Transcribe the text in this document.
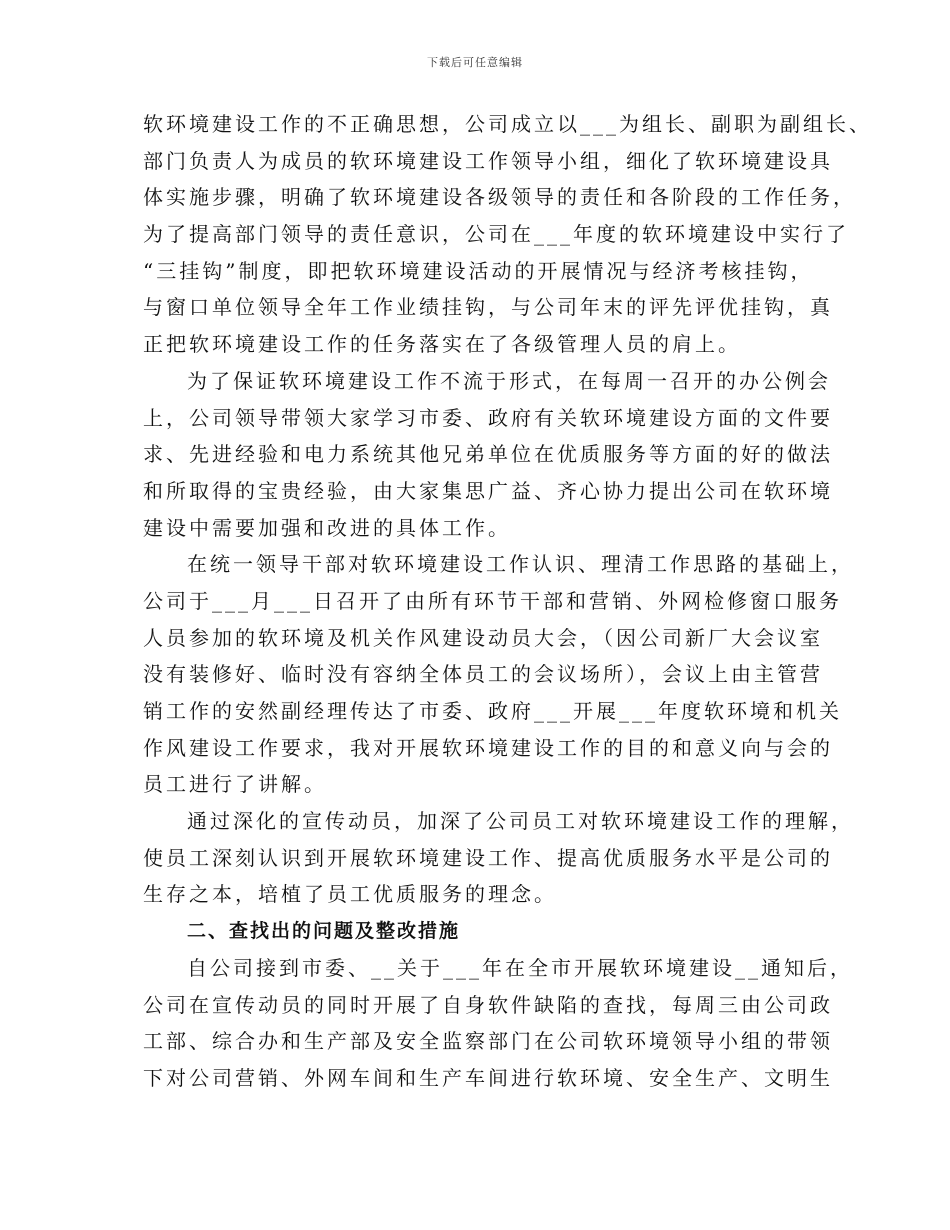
下载后可任意编辑
软环境建设工作的不正确思想，公司成立以___为组长、副职为副组长、
部门负责人为成员的软环境建设工作领导小组，细化了软环境建设具
体实施步骤，明确了软环境建设各级领导的责任和各阶段的工作任务，
为了提高部门领导的责任意识，公司在___年度的软环境建设中实行了
“三挂钩”制度，即把软环境建设活动的开展情况与经济考核挂钩，
与窗口单位领导全年工作业绩挂钩，与公司年末的评先评优挂钩，真
正把软环境建设工作的任务落实在了各级管理人员的肩上。
为了保证软环境建设工作不流于形式，在每周一召开的办公例会
上，公司领导带领大家学习市委、政府有关软环境建设方面的文件要
求、先进经验和电力系统其他兄弟单位在优质服务等方面的好的做法
和所取得的宝贵经验，由大家集思广益、齐心协力提出公司在软环境
建设中需要加强和改进的具体工作。
在统一领导干部对软环境建设工作认识、理清工作思路的基础上，
公司于___月___日召开了由所有环节干部和营销、外网检修窗口服务
人员参加的软环境及机关作风建设动员大会，（因公司新厂大会议室
没有装修好、临时没有容纳全体员工的会议场所），会议上由主管营
销工作的安然副经理传达了市委、政府___开展___年度软环境和机关
作风建设工作要求，我对开展软环境建设工作的目的和意义向与会的
员工进行了讲解。
通过深化的宣传动员，加深了公司员工对软环境建设工作的理解，
使员工深刻认识到开展软环境建设工作、提高优质服务水平是公司的
生存之本，培植了员工优质服务的理念。
二、查找出的问题及整改措施
自公司接到市委、__关于___年在全市开展软环境建设__通知后，
公司在宣传动员的同时开展了自身软件缺陷的查找，每周三由公司政
工部、综合办和生产部及安全监察部门在公司软环境领导小组的带领
下对公司营销、外网车间和生产车间进行软环境、安全生产、文明生
